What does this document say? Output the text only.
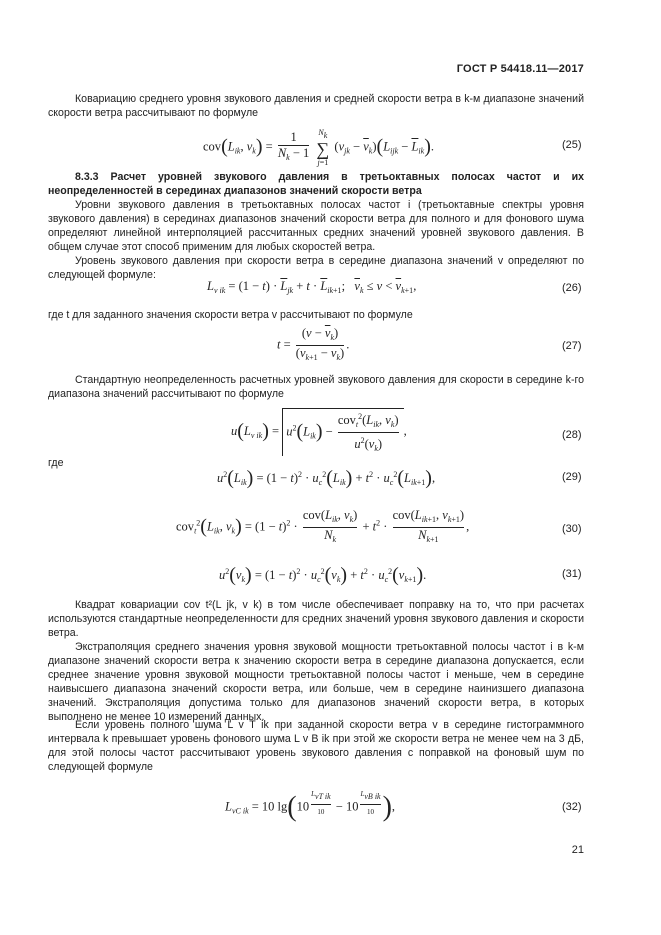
ГОСТ Р 54418.11—2017
Ковариацию среднего уровня звукового давления и средней скорости ветра в k-м диапазоне значений скорости ветра рассчитывают по формуле
$cov(L_{ik}$, $v_k) = \frac{1}{N_k - 1} N_k$
∑
j=1 $(v_{jk} - \overline{v}_k)(L_{ijk} - \overline{L}_{ik})$.	(25)
8.3.3 Расчет уровней звукового давления в третьоктавных полосах частот и их неопределенностей в серединах диапазонов значений скорости ветра
Уровни звукового давления в третьоктавных полосах частот i (третьоктавные спектры уровня звукового давления) в серединах диапазонов значений скорости ветра для полного и для фонового шума определяют линейной интерполяцией рассчитанных средних значений уровней звукового давления. В общем случае этот способ применим для любых скоростей ветра.
Уровень звукового давления при скорости ветра в середине диапазона значений v определяют по следующей формуле:
$L_{v ik} = (1 - t) \cdot \overline{L}_{jk} + t \cdot \overline{L}_{ik+1}$;   $\overline{v}_k \le v < \overline{v}_{k+1}$,	(26)
где t для заданного значения скорости ветра v рассчитывают по формуле
$t = \frac{(v - \overline{v}_k)}{(\overline{v}_{k+1} - \overline{v}_k)}$ .	(27)
Стандартную неопределенность расчетных уровней звукового давления для скорости в середине k-го диапазона значений рассчитывают по формуле
$u(L_{v ik}) = u^2(L_{ik}) - \frac{cov_t^2(L_{ik}, v_k)}{u^2(v_k)}$ ,	(28)
где
$u^2(L_{ik}) = (1 - t)^2 \cdot u_c^2(L_{ik}) + t^2 \cdot u_c^2(L_{ik+1})$,	(29)
$cov_t^2(L_{ik}$, $v_k) = (1 - t)^2 \cdot \frac{cov(L_{ik}, v_k)}{N_k} + t^2 \cdot \frac{cov(L_{ik+1}, v_{k+1})}{N_{k+1}}$ ,	(30)
$u^2(v_k) = (1 - t)^2 \cdot u_c^2(v_k) + t^2 \cdot u_c^2(v_{k+1})$.	(31)
Квадрат ковариации cov t²(L jk, v k) в том числе обеспечивает поправку на то, что при расчетах используются стандартные неопределенности для средних значений уровня звукового давления и скорости ветра.
Экстраполяция среднего значения уровня звуковой мощности третьоктавной полосы частот i в k-м диапазоне значений скорости ветра к значению скорости ветра в середине диапазона допускается, если среднее значение уровня звуковой мощности третьоктавной полосы частот i меньше, чем в середине наивысшего диапазона значений скорости ветра, или больше, чем в середине наинизшего диапазона значений. Экстраполяция допустима только для диапазонов значений скорости ветра, в которых выполнено не менее 10 измерений данных.
Если уровень полного шума L v T ik при заданной скорости ветра v в середине гистограммного интервала k превышает уровень фонового шума L v B ik при этой же скорости ветра не менее чем на 3 дБ, для этой полосы частот рассчитывают уровень звукового давления с поправкой на фоновый шум по следующей формуле
$L_{vC ik} = 10$ lg(10 $^{\frac{L_{vT ik}}{10}}$ − 10 $^{\frac{L_{vB ik}}{10}}$ ),	(32)
21
